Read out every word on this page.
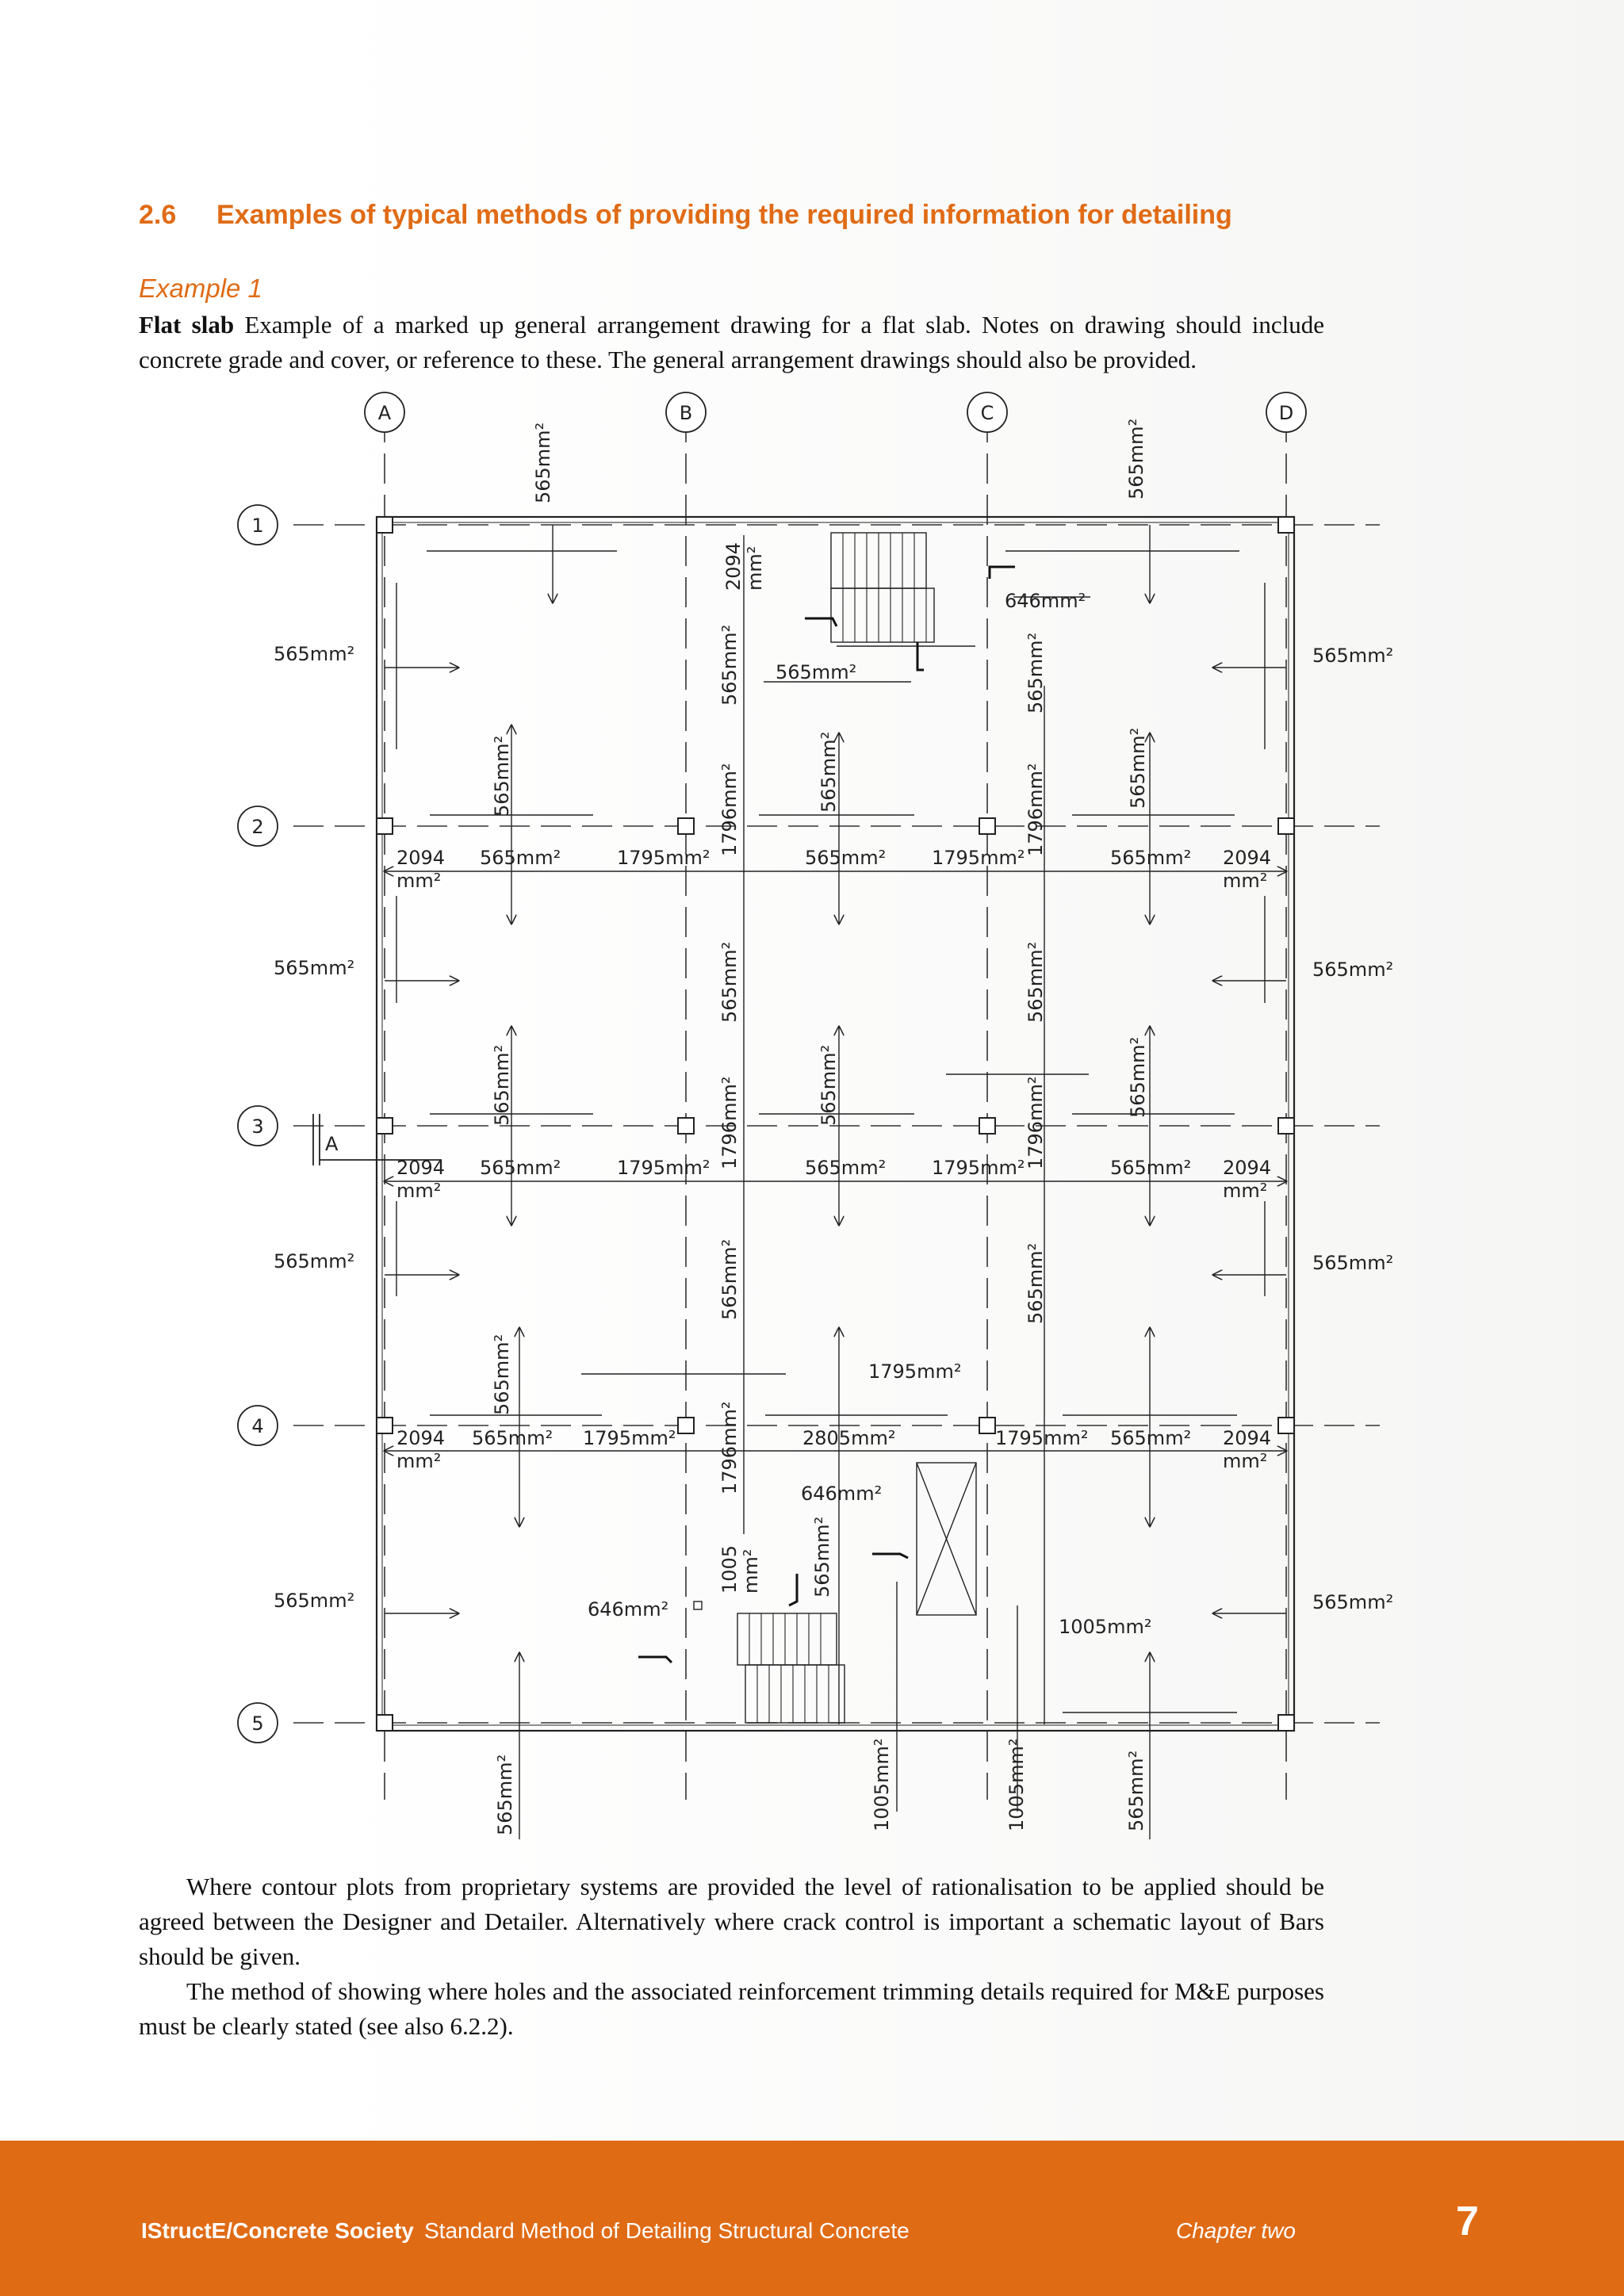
2.6 Examples of typical methods of providing the required information for detailing
Example 1
Flat slab Example of a marked up general arrangement drawing for a flat slab. Notes on drawing should include concrete grade and cover, or reference to these. The general arrangement drawings should also be provided.
A	B	C	D
1
2
3
4
5
A
565mm²	565mm²
565mm²	565mm²
565mm²	565mm²
565mm²	565mm²
646mm²
565mm²
2094
mm²
565mm²	1795mm²	565mm² 1795mm²	565mm² 2094
mm²
2094
mm²
565mm²	1795mm²	565mm² 1795mm²	565mm² 2094
mm²
1795mm²
2094
mm²
565mm² 1795mm²	2805mm²	1795mm² 565mm² 2094
mm²
646mm²
646mm²
1005mm²
565mm²	565mm²
2094 mm²
565mm²	565mm²
565mm²	565mm²	565mm²
1796mm²	1796mm²
565mm²	565mm²
565mm²	565mm²	565mm²
1796mm²	1796mm²
565mm²	565mm²
565mm²
1796mm²
1005 mm²	565mm²
565mm²	1005mm²	1005mm²	565mm²

Where contour plots from proprietary systems are provided the level of rationalisation to be applied should be agreed between the Designer and Detailer. Alternatively where crack control is important a schematic layout of Bars should be given.

The method of showing where holes and the associated reinforcement trimming details required for M&E purposes must be clearly stated (see also 6.2.2).

IStructE/Concrete Society Standard Method of Detailing Structural Concrete	Chapter two	7
